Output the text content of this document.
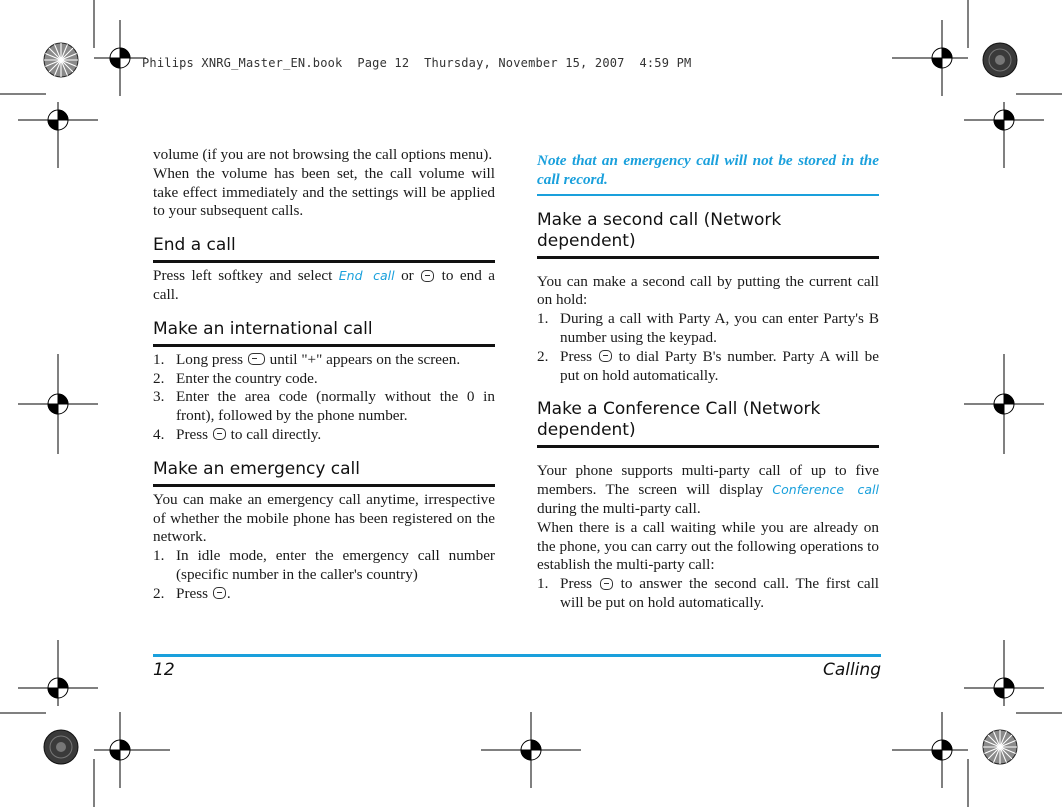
Philips XNRG_Master_EN.book  Page 12  Thursday, November 15, 2007  4:59 PM

volume (if you are not browsing the call options menu).

When the volume has been set, the call volume will take effect immediately and the settings will be applied to your subsequent calls.

End a call

Press left softkey and select End call or to end a call.

Make an international call
1. Long press until "+" appears on the screen.
2. Enter the country code.
3. Enter the area code (normally without the 0 in front), followed by the phone number.
4. Press to call directly.
Make an emergency call

You can make an emergency call anytime, irrespective of whether the mobile phone has been registered on the network.

1. In idle mode, enter the emergency call number (specific number in the caller's country)
2. Press .
Note that an emergency call will not be stored in the call record.
Make a second call (Network dependent)

You can make a second call by putting the current call on hold:

1. During a call with Party A, you can enter Party's B number using the keypad.
2. Press to dial Party B's number. Party A will be put on hold automatically.
Make a Conference Call (Network dependent)

Your phone supports multi-party call of up to five members. The screen will display Conference call during the multi-party call.

When there is a call waiting while you are already on the phone, you can carry out the following operations to establish the multi-party call:

1. Press to answer the second call. The first call will be put on hold automatically.
12	Calling
